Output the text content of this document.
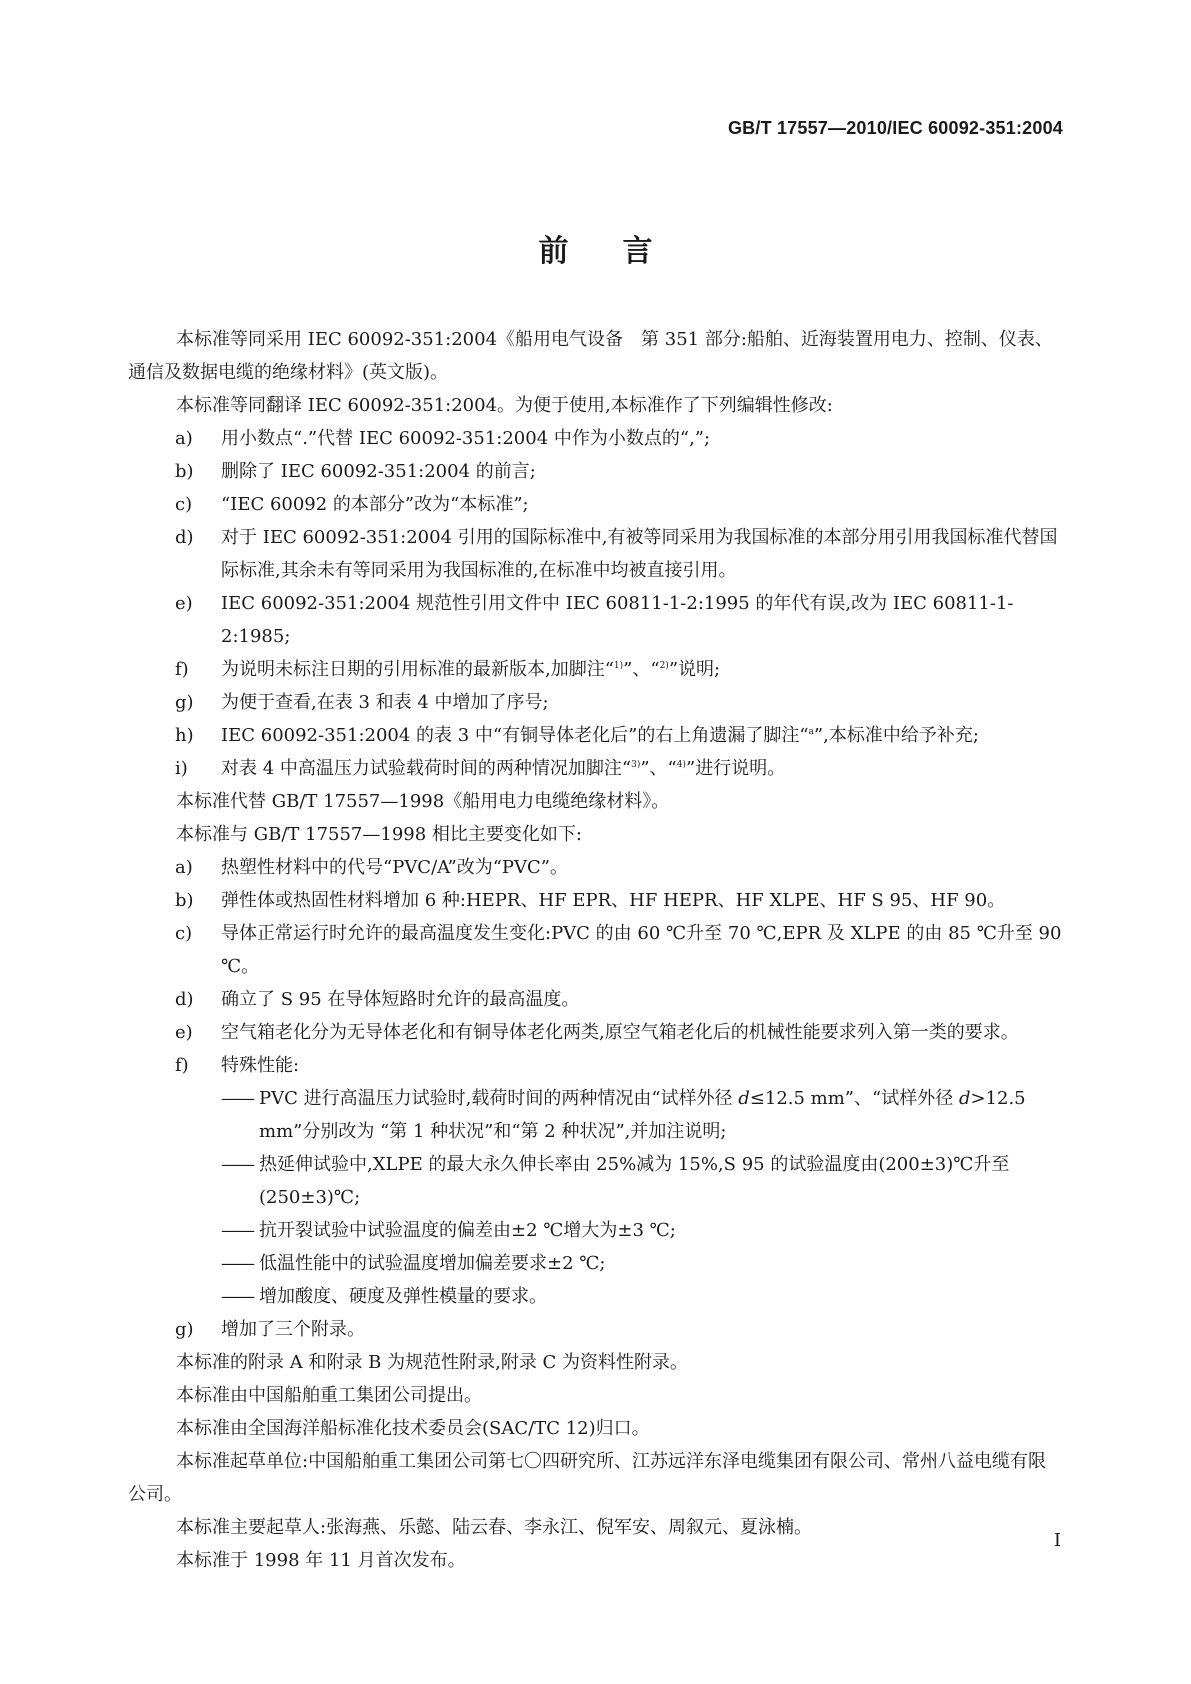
GB/T 17557—2010/IEC 60092-351:2004
前言
本标准等同采用 IEC 60092-351:2004《船用电气设备　第 351 部分:船舶、近海装置用电力、控制、仪表、通信及数据电缆的绝缘材料》(英文版)。
本标准等同翻译 IEC 60092-351:2004。为便于使用,本标准作了下列编辑性修改:
a)	用小数点“.”代替 IEC 60092-351:2004 中作为小数点的“,”;
b)	删除了 IEC 60092-351:2004 的前言;
c)	“IEC 60092 的本部分”改为“本标准”;
d)	对于 IEC 60092-351:2004 引用的国际标准中,有被等同采用为我国标准的本部分用引用我国标准代替国际标准,其余未有等同采用为我国标准的,在标准中均被直接引用。
e)	IEC 60092-351:2004 规范性引用文件中 IEC 60811-1-2:1995 的年代有误,改为 IEC 60811-1-2:1985;
f)	为说明未标注日期的引用标准的最新版本,加脚注“$^{1)}$”、“$^{2)}$”说明;
g)	为便于查看,在表 3 和表 4 中增加了序号;
h)	IEC 60092-351:2004 的表 3 中“有铜导体老化后”的右上角遗漏了脚注“$^a$”,本标准中给予补充;
i)	对表 4 中高温压力试验载荷时间的两种情况加脚注“$^{3)}$”、“$^{4)}$”进行说明。
本标准代替 GB/T 17557—1998《船用电力电缆绝缘材料》。
本标准与 GB/T 17557—1998 相比主要变化如下:
a)	热塑性材料中的代号“PVC/A”改为“PVC”。
b)	弹性体或热固性材料增加 6 种:HEPR、HF EPR、HF HEPR、HF XLPE、HF S 95、HF 90。
c)	导体正常运行时允许的最高温度发生变化:PVC 的由 60 ℃升至 70 ℃,EPR 及 XLPE 的由 85 ℃升至 90 ℃。
d)	确立了 S 95 在导体短路时允许的最高温度。
e)	空气箱老化分为无导体老化和有铜导体老化两类,原空气箱老化后的机械性能要求列入第一类的要求。
f)	特殊性能:
—— PVC 进行高温压力试验时,载荷时间的两种情况由“试样外径 d≤12.5 mm”、“试样外径 d>12.5 mm”分别改为 “第 1 种状况”和“第 2 种状况”,并加注说明;
—— 热延伸试验中,XLPE 的最大永久伸长率由 25%减为 15%,S 95 的试验温度由(200±3)℃升至(250±3)℃;
—— 抗开裂试验中试验温度的偏差由±2 ℃增大为±3 ℃;
—— 低温性能中的试验温度增加偏差要求±2 ℃;
—— 增加酸度、硬度及弹性模量的要求。
g)	增加了三个附录。
本标准的附录 A 和附录 B 为规范性附录,附录 C 为资料性附录。
本标准由中国船舶重工集团公司提出。
本标准由全国海洋船标准化技术委员会(SAC/TC 12)归口。
本标准起草单位:中国船舶重工集团公司第七〇四研究所、江苏远洋东泽电缆集团有限公司、常州八益电缆有限公司。
本标准主要起草人:张海燕、乐懿、陆云春、李永江、倪军安、周叙元、夏泳楠。
本标准于 1998 年 11 月首次发布。
I
